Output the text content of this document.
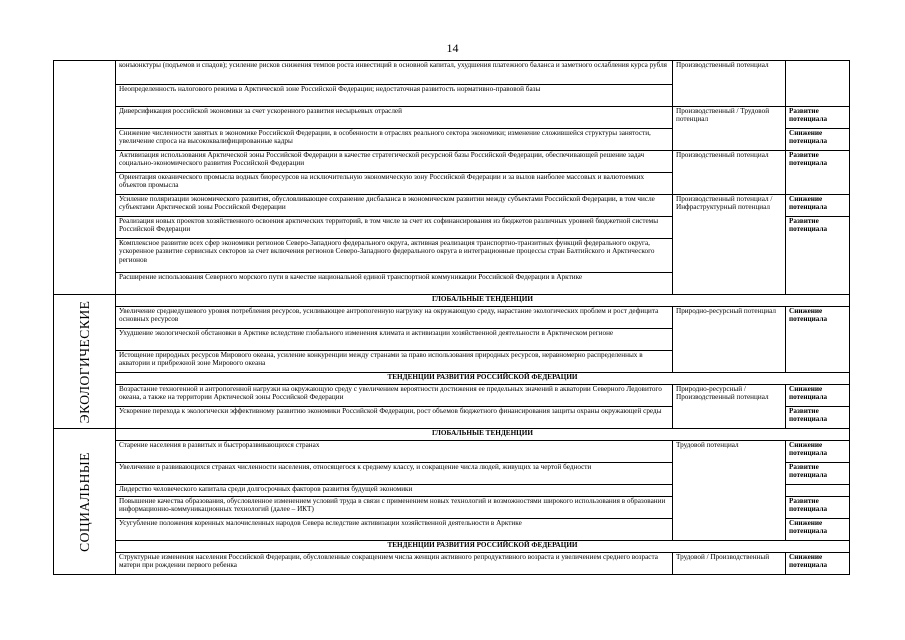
14
	конъюнктуры (подъемов и спадов); усиление рисков снижения темпов роста инвестиций в основной капитал, ухудшения платежного баланса и заметного ослабления курса рубля	Производственный потенциал	
	Неопределенность налогового режима в Арктической зоне Российской Федерации; недостаточная развитость нормативно-правовой базы		
	Диверсификация российской экономики за счет ускоренного развития несырьевых отраслей	Производственный / Трудовой потенциал	Развитие потенциала
	Снижение численности занятых в экономике Российской Федерации, в особенности в отраслях реального сектора экономики; изменение сложившейся структуры занятости, увеличение спроса на высококвалифицированные кадры		Снижение потенциала
	Активизация использования Арктической зоны Российской Федерации в качестве стратегической ресурсной базы Российской Федерации, обеспечивающей решение задач социально-экономического развития Российской Федерации	Производственный потенциал	Развитие потенциала
	Ориентация океанического промысла водных биоресурсов на исключительную экономическую зону Российской Федерации и за вылов наиболее массовых и валютоемких объектов промысла		
	Усиление поляризации экономического развития, обусловливающее сохранение дисбаланса в экономическом развитии между субъектами Российской Федерации, в том числе субъектами Арктической зоны Российской Федерации	Производственный потенциал / Инфраструктурный потенциал	Снижение потенциала
	Реализация новых проектов хозяйственного освоения арктических территорий, в том числе за счет их софинансирования из бюджетов различных уровней бюджетной системы Российской Федерации		Развитие потенциала
	Комплексное развитие всех сфер экономики регионов Северо-Западного федерального округа, активная реализация транспортно-транзитных функций федерального округа, ускоренное развитие сервисных секторов за счет включения регионов Северо-Западного федерального округа в интеграционные процессы стран Балтийского и Арктического регионов		
	Расширение использования Северного морского пути в качестве национальной единой транспортной коммуникации Российской Федерации в Арктике		

ЭКОЛОГИЧЕСКИЕ	ГЛОБАЛЬНЫЕ ТЕНДЕНЦИИ		
	Увеличение среднедушевого уровня потребления ресурсов, усиливающее антропогенную нагрузку на окружающую среду, нарастание экологических проблем и рост дефицита основных ресурсов	Природно-ресурсный потенциал	Снижение потенциала
	Ухудшение экологической обстановки в Арктике вследствие глобального изменения климата и активизации хозяйственной деятельности в Арктическом регионе		
	Истощение природных ресурсов Мирового океана, усиление конкуренции между странами за право использования природных ресурсов, неравномерно распределенных в акватории и прибрежной зоне Мирового океана		
	ТЕНДЕНЦИИ РАЗВИТИЯ РОССИЙСКОЙ ФЕДЕРАЦИИ		
	Возрастание техногенной и антропогенной нагрузки на окружающую среду с увеличением вероятности достижения ее предельных значений в акватории Северного Ледовитого океана, а также на территории Арктической зоны Российской Федерации	Природно-ресурсный / Производственный потенциал	Снижение потенциала
	Ускорение перехода к экологически эффективному развитию экономики Российской Федерации, рост объемов бюджетного финансирования защиты охраны окружающей среды		Развитие потенциала

СОЦИАЛЬНЫЕ	ГЛОБАЛЬНЫЕ ТЕНДЕНЦИИ		
	Старение населения в развитых и быстроразвивающихся странах	Трудовой потенциал	Снижение потенциала
	Увеличение в развивающихся странах численности населения, относящегося к среднему классу, и сокращение числа людей, живущих за чертой бедности		Развитие потенциала
	Лидерство человеческого капитала среди долгосрочных факторов развития будущей экономики		
	Повышение качества образования, обусловленное изменением условий труда в связи с применением новых технологий и возможностями широкого использования в образовании информационно-коммуникационных технологий (далее – ИКТ)		Развитие потенциала
	Усугубление положения коренных малочисленных народов Севера вследствие активизации хозяйственной деятельности в Арктике		Снижение потенциала
	ТЕНДЕНЦИИ РАЗВИТИЯ РОССИЙСКОЙ ФЕДЕРАЦИИ		
	Структурные изменения населения Российской Федерации, обусловленные сокращением числа женщин активного репродуктивного возраста и увеличением среднего возраста матери при рождении первого ребенка	Трудовой / Производственный	Снижение потенциала
